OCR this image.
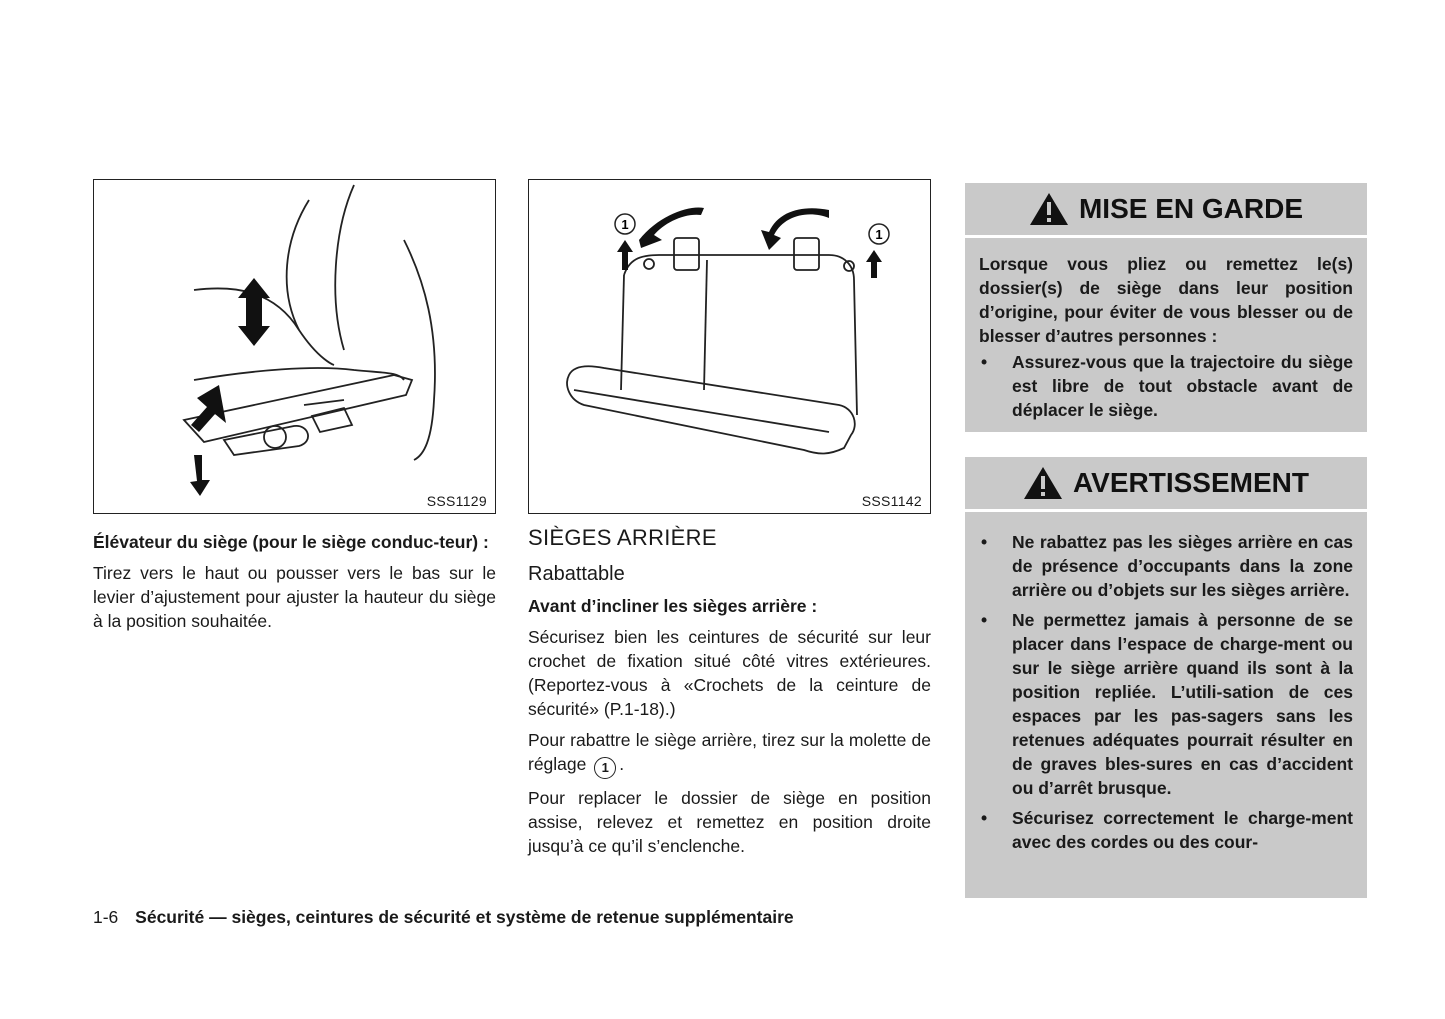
SSS1129
1
1
SSS1142

Élévateur du siège (pour le siège conduc-teur) :

Tirez vers le haut ou pousser vers le bas sur le levier d’ajustement pour ajuster la hauteur du siège à la position souhaitée.

SIÈGES ARRIÈRE
Rabattable

Avant d’incliner les sièges arrière :

Sécurisez bien les ceintures de sécurité sur leur crochet de fixation situé côté vitres extérieures. (Reportez-vous à «Crochets de la ceinture de sécurité» (P.1-18).)

Pour rabattre le siège arrière, tirez sur la molette de réglage 1 .

Pour replacer le dossier de siège en position assise, relevez et remettez en position droite jusqu’à ce qu’il s’enclenche.

MISE EN GARDE

Lorsque vous pliez ou remettez le(s) dossier(s) de siège dans leur position d’origine, pour éviter de vous blesser ou de blesser d’autres personnes :

• Assurez-vous que la trajectoire du siège est libre de tout obstacle avant de déplacer le siège.
AVERTISSEMENT
• Ne rabattez pas les sièges arrière en cas de présence d’occupants dans la zone arrière ou d’objets sur les sièges arrière.
• Ne permettez jamais à personne de se placer dans l’espace de charge-ment ou sur le siège arrière quand ils sont à la position repliée. L’utili-sation de ces espaces par les pas-sagers sans les retenues adéquates pourrait résulter en de graves bles-sures en cas d’accident ou d’arrêt brusque.
• Sécurisez correctement le charge-ment avec des cordes ou des cour-
1-6 Sécurité — sièges, ceintures de sécurité et système de retenue supplémentaire
